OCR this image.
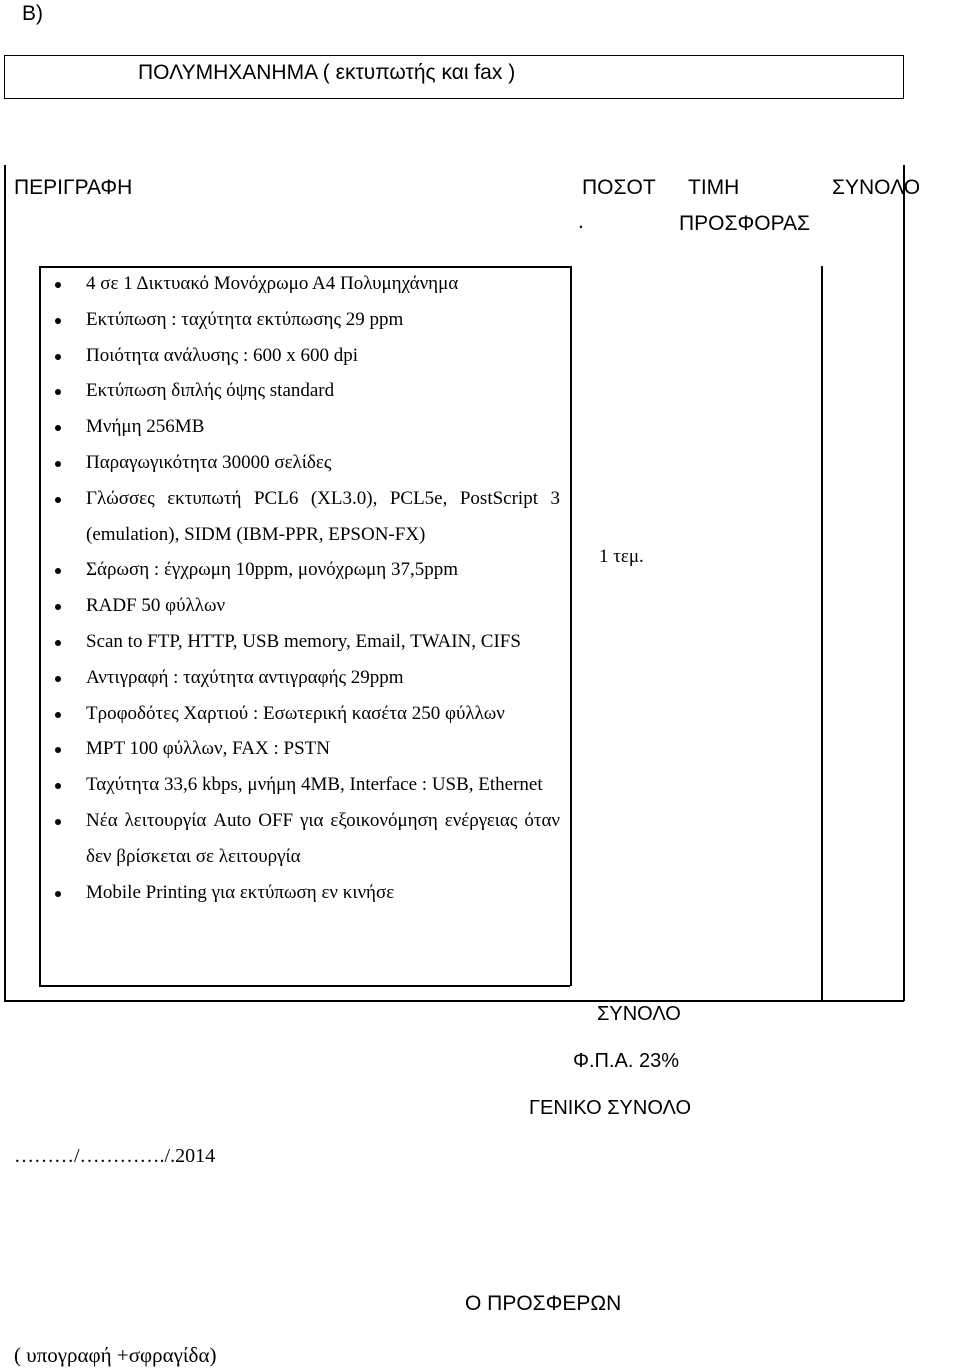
Β)
ΠΟΛΥΜΗΧΑΝΗΜΑ ( εκτυπωτής και fax )
ΠΕΡΙΓΡΑΦΗ	ΠΟΣΟΤ
.
ΤΙΜΗ
ΠΡΟΣΦΟΡΑΣ
ΣΥΝΟΛΟ
4 σε 1 Δικτυακό Μονόχρωμο Α4 Πολυμηχάνημα
Εκτύπωση : ταχύτητα εκτύπωσης 29 ppm
Ποιότητα ανάλυσης : 600 x 600 dpi
Εκτύπωση διπλής όψης standard
Μνήμη 256MB
Παραγωγικότητα 30000 σελίδες
Γλώσσες εκτυπωτή PCL6 (XL3.0), PCL5e, PostScript 3 (emulation), SIDM (IBM-PPR, EPSON-FX)
Σάρωση : έγχρωμη 10ppm, μονόχρωμη 37,5ppm
RADF 50 φύλλων
Scan to FTP, HTTP, USB memory, Email, TWAIN, CIFS
Αντιγραφή : ταχύτητα αντιγραφής 29ppm
Τροφοδότες Χαρτιού : Εσωτερική κασέτα 250 φύλλων
MPT 100 φύλλων, FAX : PSTN
Ταχύτητα 33,6 kbps, μνήμη 4MB, Interface : USB, Ethernet
Νέα λειτουργία Auto OFF για εξοικονόμηση ενέργειας όταν δεν βρίσκεται σε λειτουργία
Mobile Printing για εκτύπωση εν κινήσε
1 τεμ.
ΣΥΝΟΛΟ
Φ.Π.Α. 23%
ΓΕΝΙΚΟ ΣΥΝΟΛΟ
………/…………./.2014
Ο ΠΡΟΣΦΕΡΩΝ
( υπογραφή +σφραγίδα)
